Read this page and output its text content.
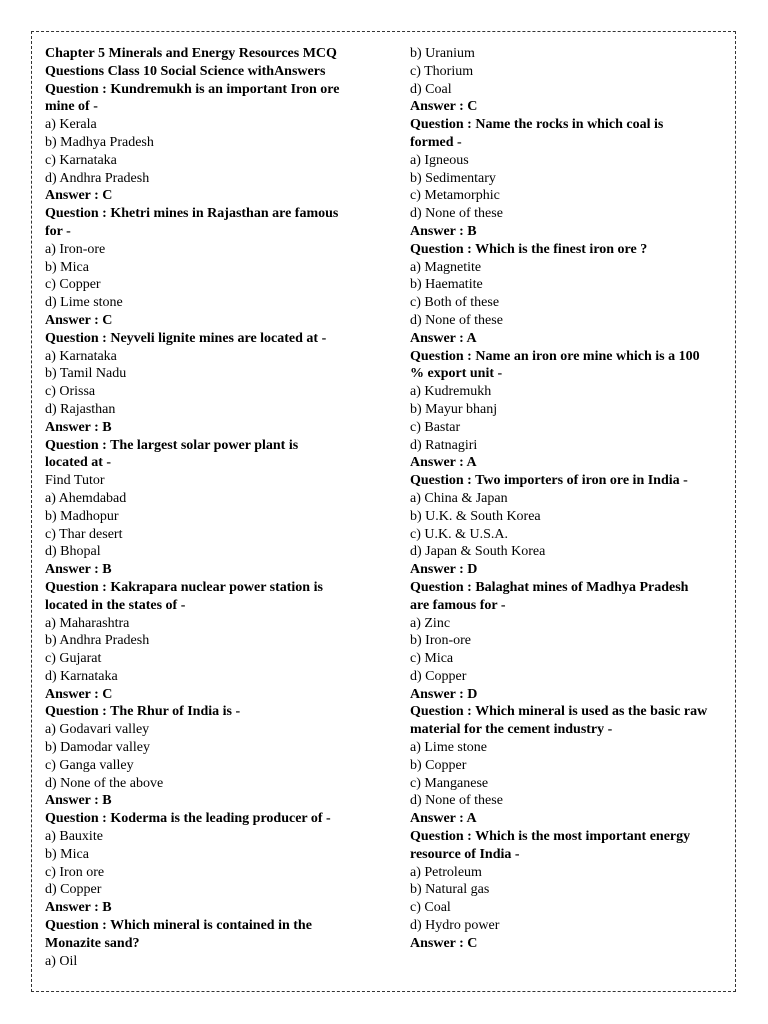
Chapter 5 Minerals and Energy Resources MCQ
Questions Class 10 Social Science withAnswers
Question : Kundremukh is an important Iron ore
mine of -
a) Kerala
b) Madhya Pradesh
c) Karnataka
d) Andhra Pradesh
Answer : C
Question : Khetri mines in Rajasthan are famous
for -
a) Iron-ore
b) Mica
c) Copper
d) Lime stone
Answer : C
Question : Neyveli lignite mines are located at -
a) Karnataka
b) Tamil Nadu
c) Orissa
d) Rajasthan
Answer : B
Question : The largest solar power plant is
located at -
Find Tutor
a) Ahemdabad
b) Madhopur
c) Thar desert
d) Bhopal
Answer : B
Question : Kakrapara nuclear power station is
located in the states of -
a) Maharashtra
b) Andhra Pradesh
c) Gujarat
d) Karnataka
Answer : C
Question : The Rhur of India is -
a) Godavari valley
b) Damodar valley
c) Ganga valley
d) None of the above
Answer : B
Question : Koderma is the leading producer of -
a) Bauxite
b) Mica
c) Iron ore
d) Copper
Answer : B
Question : Which mineral is contained in the
Monazite sand?
a) Oil
b) Uranium
c) Thorium
d) Coal
Answer : C
Question : Name the rocks in which coal is
formed -
a) Igneous
b) Sedimentary
c) Metamorphic
d) None of these
Answer : B
Question : Which is the finest iron ore ?
a) Magnetite
b) Haematite
c) Both of these
d) None of these
Answer : A
Question : Name an iron ore mine which is a 100
% export unit -
a) Kudremukh
b) Mayur bhanj
c) Bastar
d) Ratnagiri
Answer : A
Question : Two importers of iron ore in India -
a) China & Japan
b) U.K. & South Korea
c) U.K. & U.S.A.
d) Japan & South Korea
Answer : D
Question : Balaghat mines of Madhya Pradesh
are famous for -
a) Zinc
b) Iron-ore
c) Mica
d) Copper
Answer : D
Question : Which mineral is used as the basic raw
material for the cement industry -
a) Lime stone
b) Copper
c) Manganese
d) None of these
Answer : A
Question : Which is the most important energy
resource of India -
a) Petroleum
b) Natural gas
c) Coal
d) Hydro power
Answer : C
